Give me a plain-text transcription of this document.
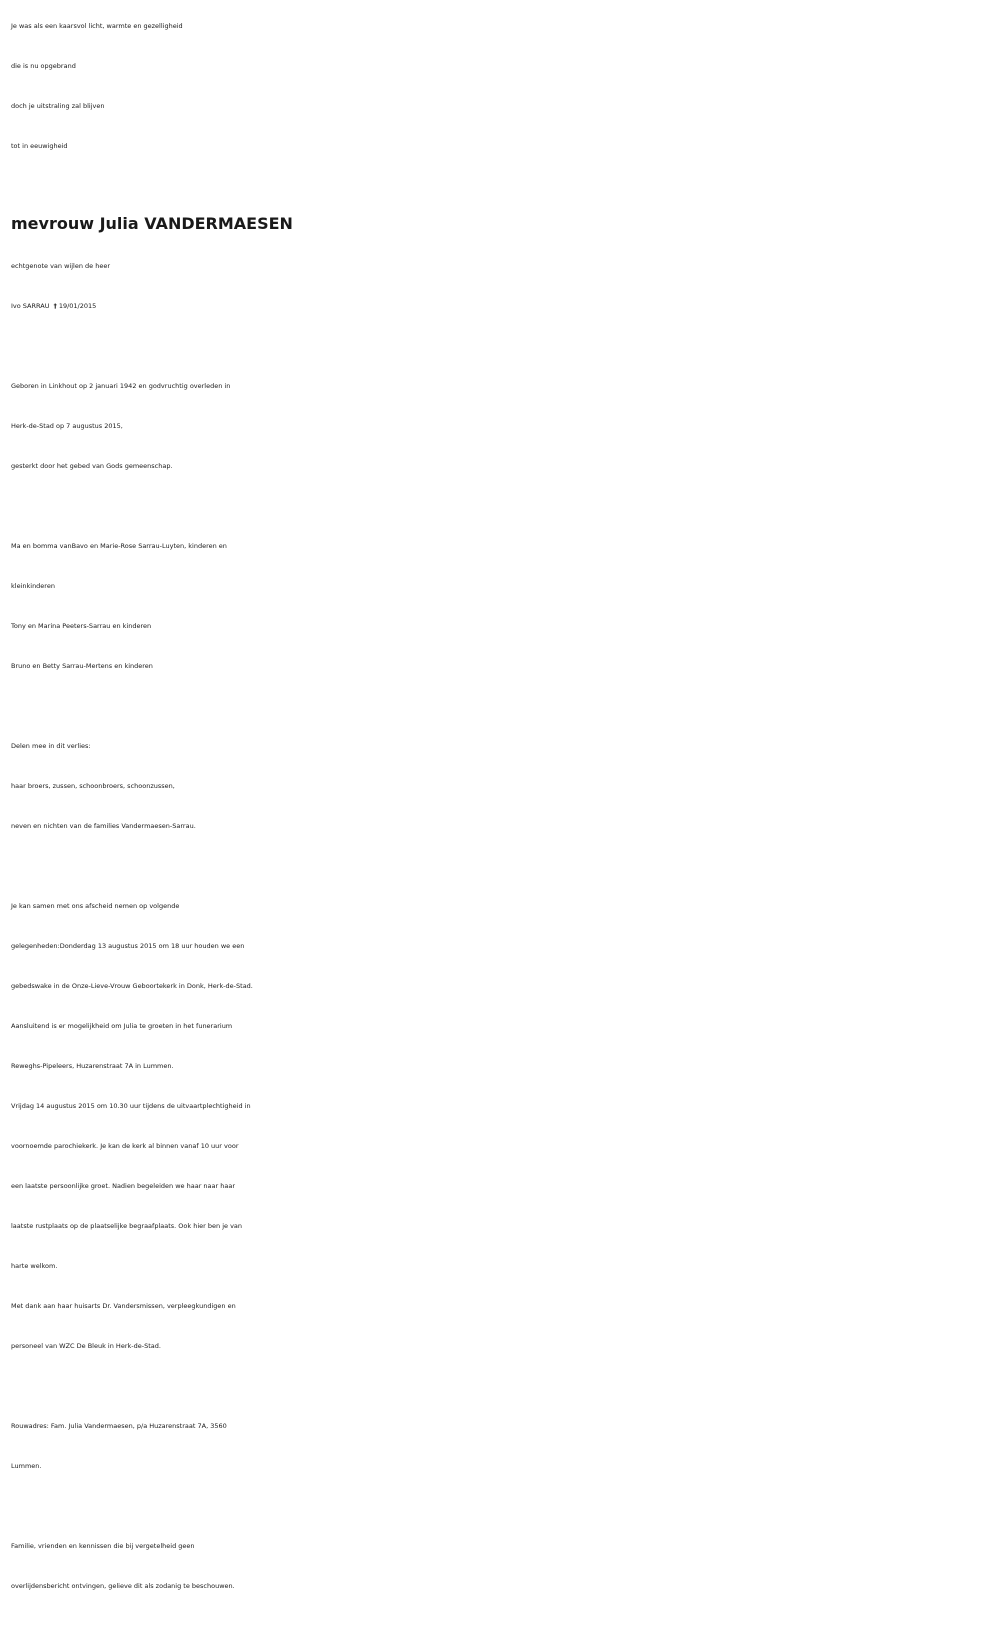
Je was als een kaarsvol licht, warmte en gezelligheid
die is nu opgebrand
doch je uitstraling zal blijven
tot in eeuwigheid
mevrouw Julia VANDERMAESEN
echtgenote van wijlen de heer
Ivo SARRAU † 19/01/2015
Geboren in Linkhout op 2 januari 1942 en godvruchtig overleden in
Herk-de-Stad op 7 augustus 2015,
gesterkt door het gebed van Gods gemeenschap.
Ma en bomma vanBavo en Marie-Rose Sarrau-Luyten, kinderen en
kleinkinderen
Tony en Marina Peeters-Sarrau en kinderen
Bruno en Betty Sarrau-Mertens en kinderen
Delen mee in dit verlies:
haar broers, zussen, schoonbroers, schoonzussen,
neven en nichten van de families Vandermaesen-Sarrau.
Je kan samen met ons afscheid nemen op volgende
gelegenheden:Donderdag 13 augustus 2015 om 18 uur houden we een
gebedswake in de Onze-Lieve-Vrouw Geboortekerk in Donk, Herk-de-Stad.
Aansluitend is er mogelijkheid om Julia te groeten in het funerarium
Reweghs-Pipeleers, Huzarenstraat 7A in Lummen.
Vrijdag 14 augustus 2015 om 10.30 uur tijdens de uitvaartplechtigheid in
voornoemde parochiekerk. Je kan de kerk al binnen vanaf 10 uur voor
een laatste persoonlijke groet. Nadien begeleiden we haar naar haar
laatste rustplaats op de plaatselijke begraafplaats. Ook hier ben je van
harte welkom.
Met dank aan haar huisarts Dr. Vandersmissen, verpleegkundigen en
personeel van WZC De Bleuk in Herk-de-Stad.
Rouwadres: Fam. Julia Vandermaesen, p/a Huzarenstraat 7A, 3560
Lummen.
Familie, vrienden en kennissen die bij vergetelheid geen
overlijdensbericht ontvingen, gelieve dit als zodanig te beschouwen.
